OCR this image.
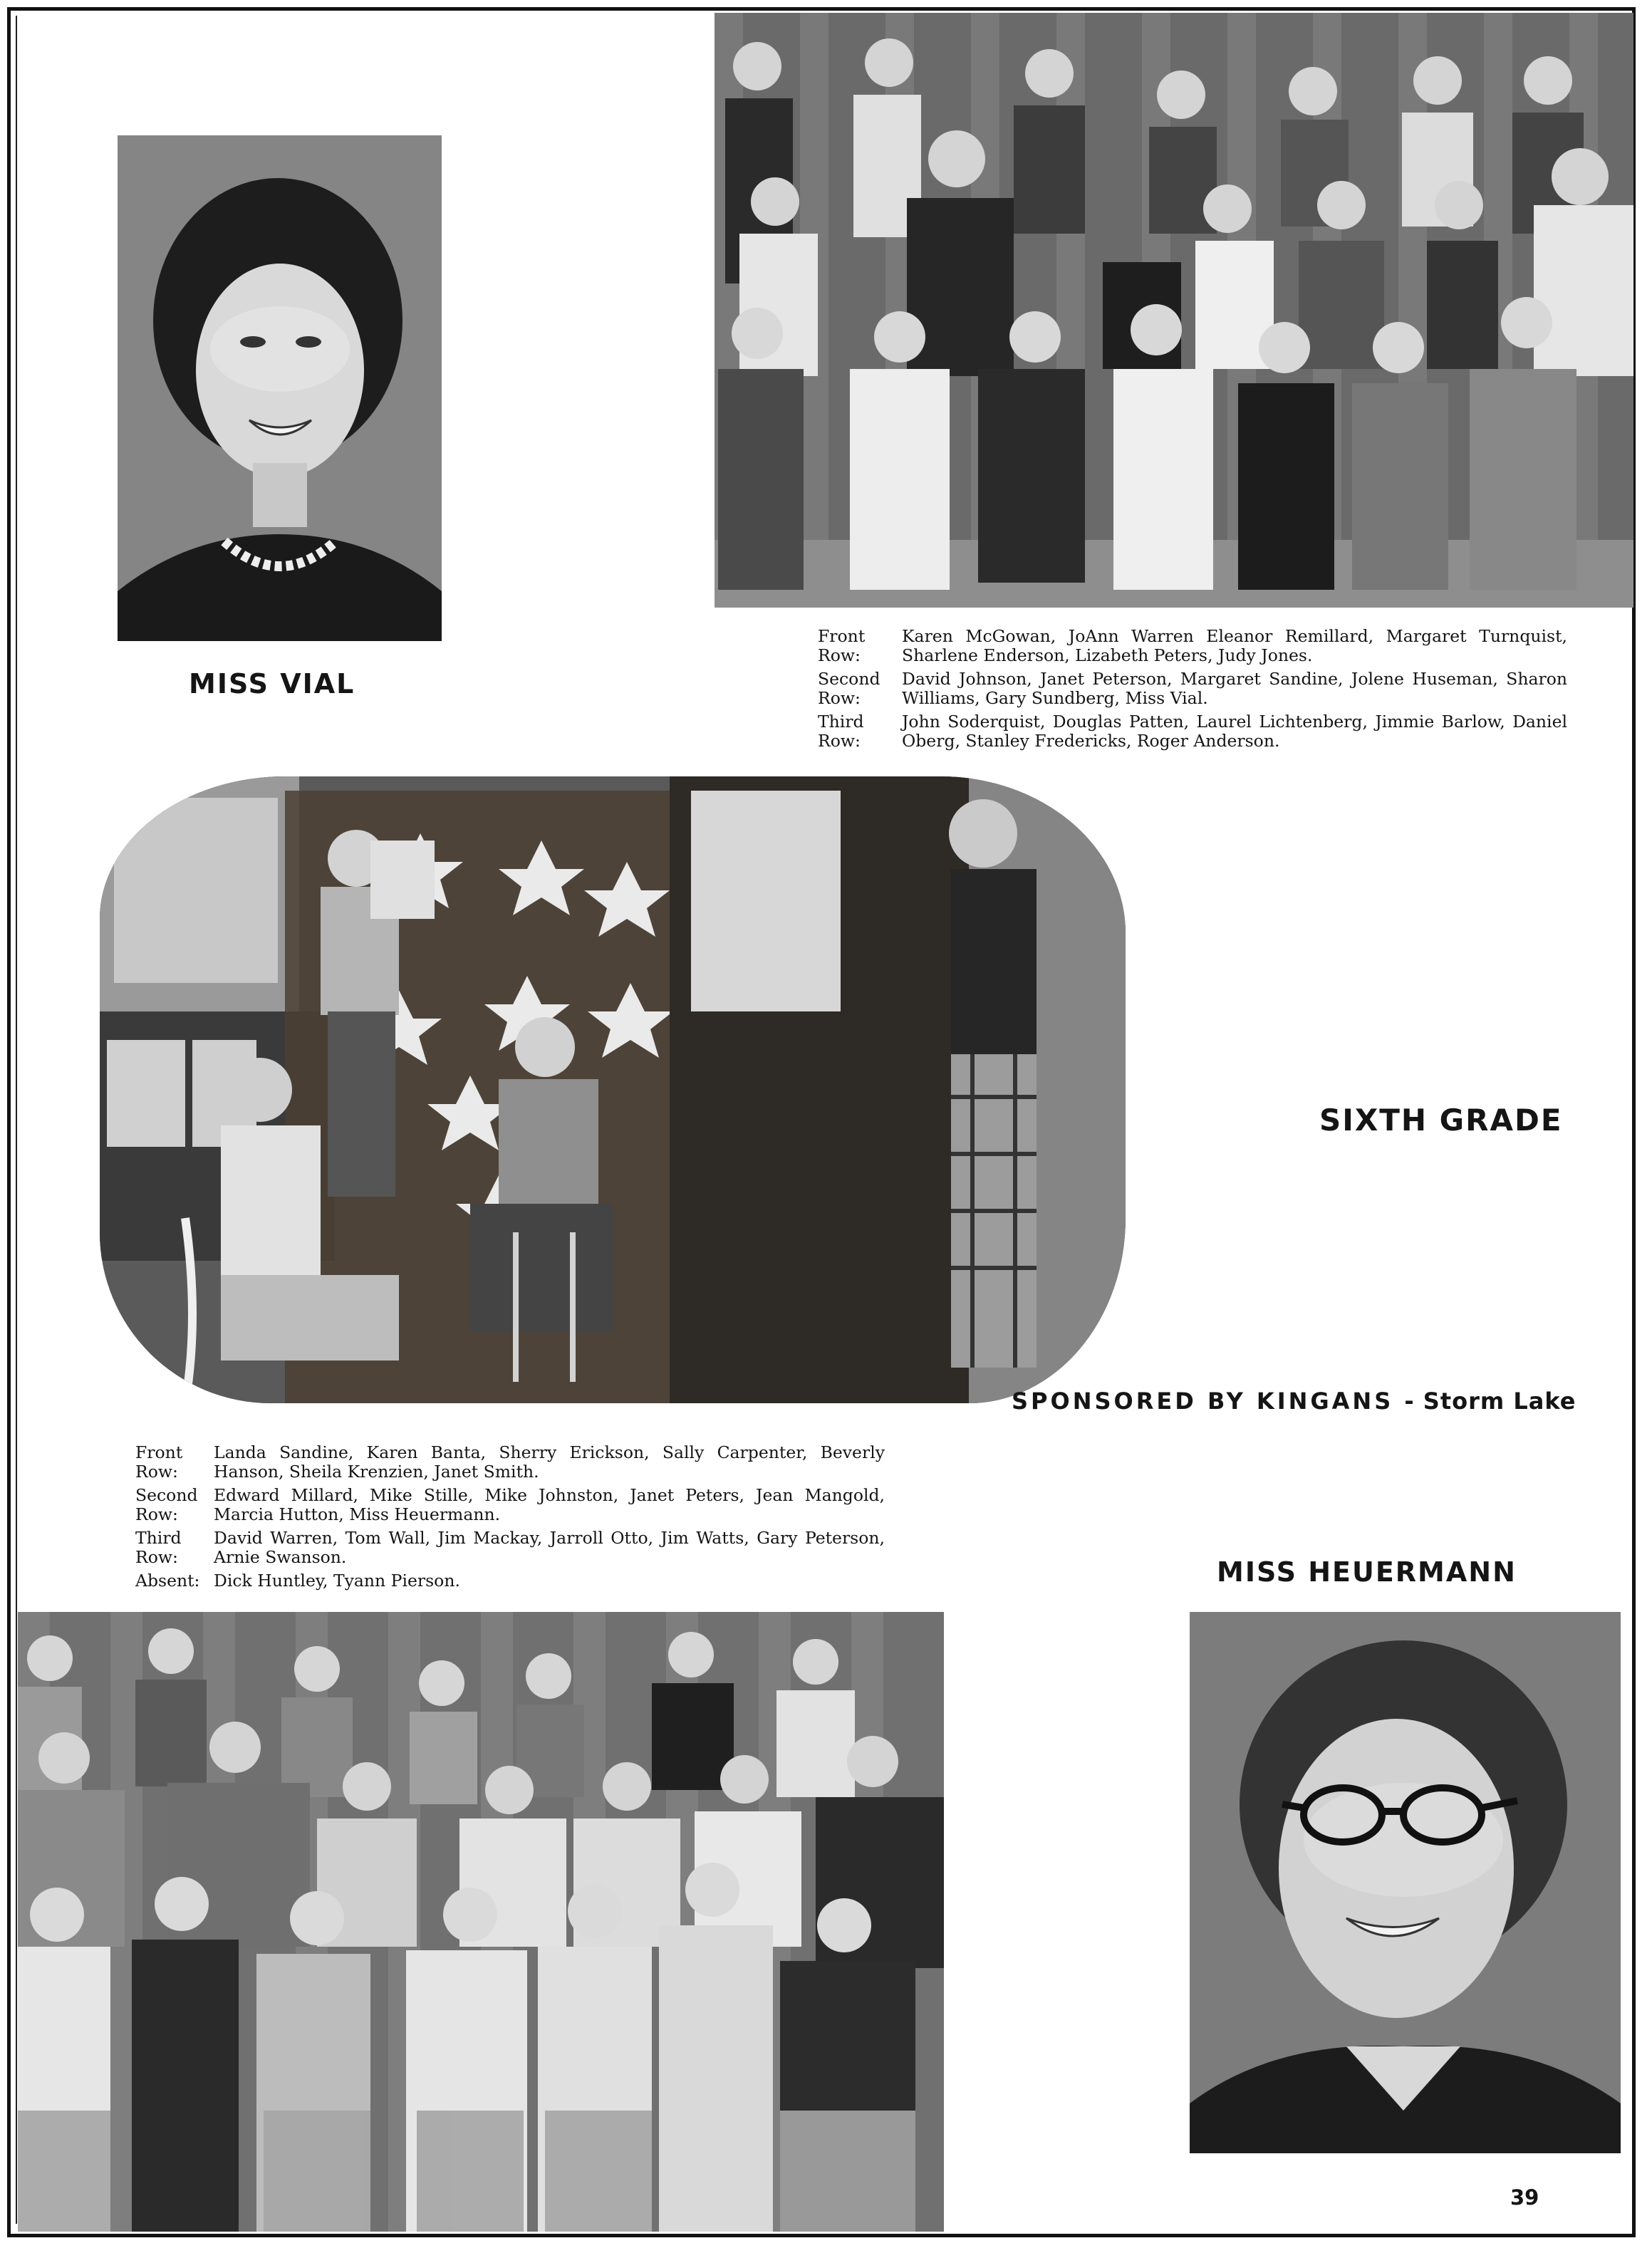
MISS VIAL
Front Row:
Karen McGowan, JoAnn Warren Eleanor Remillard, Margaret Turnquist, Sharlene Enderson, Lizabeth Peters, Judy Jones.
Second Row:
David Johnson, Janet Peterson, Margaret Sandine, Jolene Huseman, Sharon Williams, Gary Sundberg, Miss Vial.
Third Row:
John Soderquist, Douglas Patten, Laurel Lichtenberg, Jimmie Barlow, Daniel Oberg, Stanley Fredericks, Roger Anderson.
SIXTH GRADE

SPONSORED BY KINGANS - Storm Lake

Front Row:
Landa Sandine, Karen Banta, Sherry Erickson, Sally Carpenter, Beverly Hanson, Sheila Krenzien, Janet Smith.
Second Row:
Edward Millard, Mike Stille, Mike Johnston, Janet Peters, Jean Mangold, Marcia Hutton, Miss Heuermann.
Third Row:
David Warren, Tom Wall, Jim Mackay, Jarroll Otto, Jim Watts, Gary Peterson, Arnie Swanson.
Absent: Dick Huntley, Tyann Pierson.	MISS HEUERMANN

39
